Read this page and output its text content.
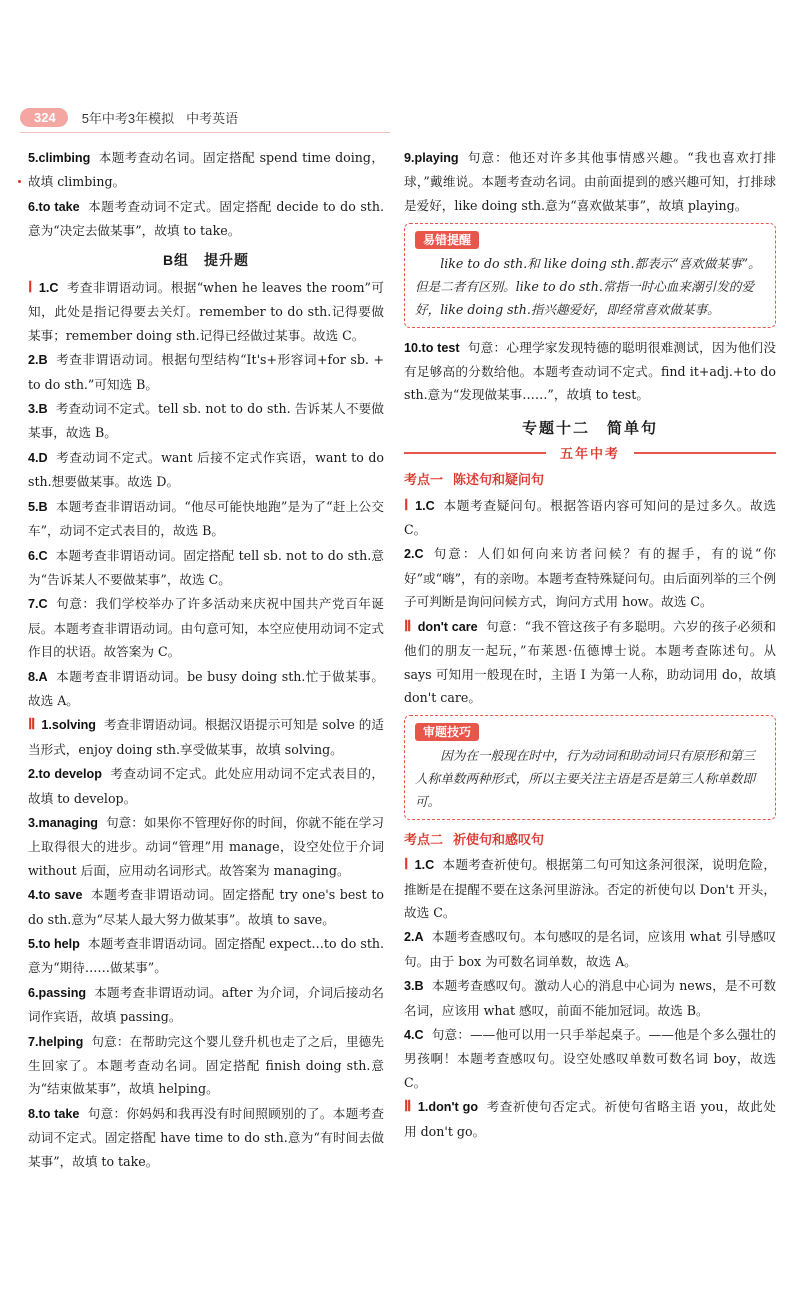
324	5年中考3年模拟 中考英语

5.climbing 本题考查动名词。固定搭配 spend time doing，故填 climbing。

6.to take 本题考查动词不定式。固定搭配 decide to do sth.意为“决定去做某事”，故填 to take。

B组　提升题

Ⅰ 1.C 考查非谓语动词。根据“when he leaves the room”可知，此处是指记得要去关灯。remember to do sth.记得要做某事；remember doing sth.记得已经做过某事。故选 C。

2.B 考查非谓语动词。根据句型结构“It's+形容词+for sb. + to do sth.”可知选 B。

3.B 考查动词不定式。tell sb. not to do sth. 告诉某人不要做某事，故选 B。

4.D 考查动词不定式。want 后接不定式作宾语，want to do sth.想要做某事。故选 D。

5.B 本题考查非谓语动词。“他尽可能快地跑”是为了“赶上公交车”，动词不定式表目的，故选 B。

6.C 本题考查非谓语动词。固定搭配 tell sb. not to do sth.意为“告诉某人不要做某事”，故选 C。

7.C 句意：我们学校举办了许多活动来庆祝中国共产党百年诞辰。本题考查非谓语动词。由句意可知，本空应使用动词不定式作目的状语。故答案为 C。

8.A 本题考查非谓语动词。be busy doing sth.忙于做某事。故选 A。

Ⅱ 1.solving 考查非谓语动词。根据汉语提示可知是 solve 的适当形式，enjoy doing sth.享受做某事，故填 solving。

2.to develop 考查动词不定式。此处应用动词不定式表目的，故填 to develop。

3.managing 句意：如果你不管理好你的时间，你就不能在学习上取得很大的进步。动词“管理”用 manage，设空处位于介词 without 后面，应用动名词形式。故答案为 managing。

4.to save 本题考查非谓语动词。固定搭配 try one's best to do sth.意为“尽某人最大努力做某事”。故填 to save。

5.to help 本题考查非谓语动词。固定搭配 expect…to do sth.意为“期待……做某事”。

6.passing 本题考查非谓语动词。after 为介词，介词后接动名词作宾语，故填 passing。

7.helping 句意：在帮助完这个婴儿登升机也走了之后，里德先生回家了。本题考查动名词。固定搭配 finish doing sth.意为“结束做某事”，故填 helping。

8.to take 句意：你妈妈和我再没有时间照顾别的了。本题考查动词不定式。固定搭配 have time to do sth.意为“有时间去做某事”，故填 to take。

9.playing 句意：他还对许多其他事情感兴趣。“我也喜欢打排球，”戴维说。本题考查动名词。由前面提到的感兴趣可知，打排球是爱好，like doing sth.意为“喜欢做某事”，故填 playing。

易错提醒
like to do sth.和 like doing sth.都表示“喜欢做某事”。但是二者有区别。like to do sth.常指一时心血来潮引发的爱好，like doing sth.指兴趣爱好，即经常喜欢做某事。

10.to test 句意：心理学家发现特德的聪明很难测试，因为他们没有足够高的分数给他。本题考查动词不定式。find it+adj.+to do sth.意为“发现做某事……”，故填 to test。

专题十二　简单句
五年中考
考点一 陈述句和疑问句

Ⅰ 1.C 本题考查疑问句。根据答语内容可知问的是过多久。故选 C。

2.C 句意：人们如何向来访者问候？有的握手，有的说“你好”或“嗨”，有的亲吻。本题考查特殊疑问句。由后面列举的三个例子可判断是询问问候方式，询问方式用 how。故选 C。

Ⅱ don't care 句意：“我不管这孩子有多聪明。六岁的孩子必须和他们的朋友一起玩，”布莱恩·伍德博士说。本题考查陈述句。从 says 可知用一般现在时，主语 I 为第一人称，助动词用 do，故填 don't care。

审题技巧
因为在一般现在时中，行为动词和助动词只有原形和第三人称单数两种形式，所以主要关注主语是否是第三人称单数即可。
考点二 祈使句和感叹句

Ⅰ 1.C 本题考查祈使句。根据第二句可知这条河很深，说明危险，推断是在提醒不要在这条河里游泳。否定的祈使句以 Don't 开头，故选 C。

2.A 本题考查感叹句。本句感叹的是名词，应该用 what 引导感叹句。由于 box 为可数名词单数，故选 A。

3.B 本题考查感叹句。激动人心的消息中心词为 news，是不可数名词，应该用 what 感叹，前面不能加冠词。故选 B。

4.C 句意：——他可以用一只手举起桌子。——他是个多么强壮的男孩啊！本题考查感叹句。设空处感叹单数可数名词 boy，故选 C。

Ⅱ 1.don't go 考查祈使句否定式。祈使句省略主语 you，故此处用 don't go。
